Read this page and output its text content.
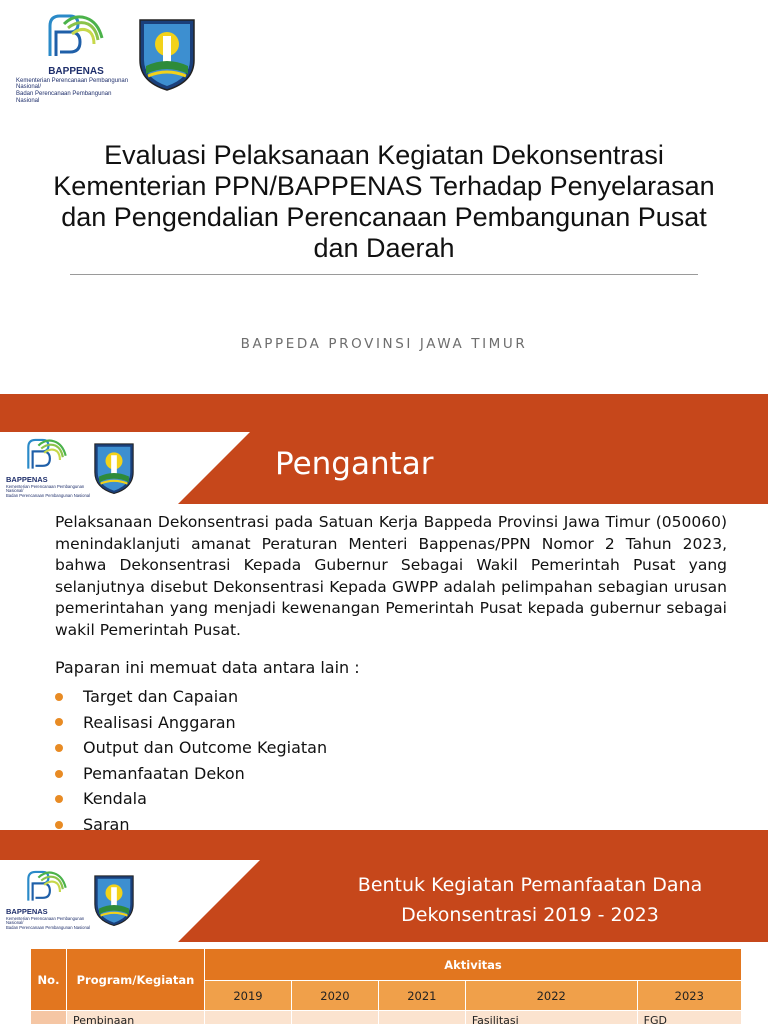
BAPPENAS
Kementerian Perencanaan Pembangunan Nasional/
Badan Perencanaan Pembangunan Nasional
Evaluasi Pelaksanaan Kegiatan Dekonsentrasi Kementerian PPN/BAPPENAS Terhadap Penyelarasan dan Pengendalian Perencanaan Pembangunan Pusat dan Daerah
BAPPEDA PROVINSI JAWA TIMUR
Pengantar
BAPPENAS
Kementerian Perencanaan Pembangunan Nasional/
Badan Perencanaan Pembangunan Nasional

Pelaksanaan Dekonsentrasi pada Satuan Kerja Bappeda Provinsi Jawa Timur (050060) menindaklanjuti amanat Peraturan Menteri Bappenas/PPN Nomor 2 Tahun 2023, bahwa Dekonsentrasi Kepada Gubernur Sebagai Wakil Pemerintah Pusat yang selanjutnya disebut Dekonsentrasi Kepada GWPP adalah pelimpahan sebagian urusan pemerintahan yang menjadi kewenangan Pemerintah Pusat kepada gubernur sebagai wakil Pemerintah Pusat.

Paparan ini memuat data antara lain :
Target dan Capaian
Realisasi Anggaran
Output dan Outcome Kegiatan
Pemanfaatan Dekon
Kendala
Saran
Bentuk Kegiatan Pemanfaatan Dana
Dekonsentrasi 2019 - 2023
BAPPENAS
Kementerian Perencanaan Pembangunan Nasional/
Badan Perencanaan Pembangunan Nasional
No.	Program/Kegiatan	Aktivitas				
		2019	2020	2021	2022	2023
	Pembinaan				Fasilitasi	FGD
